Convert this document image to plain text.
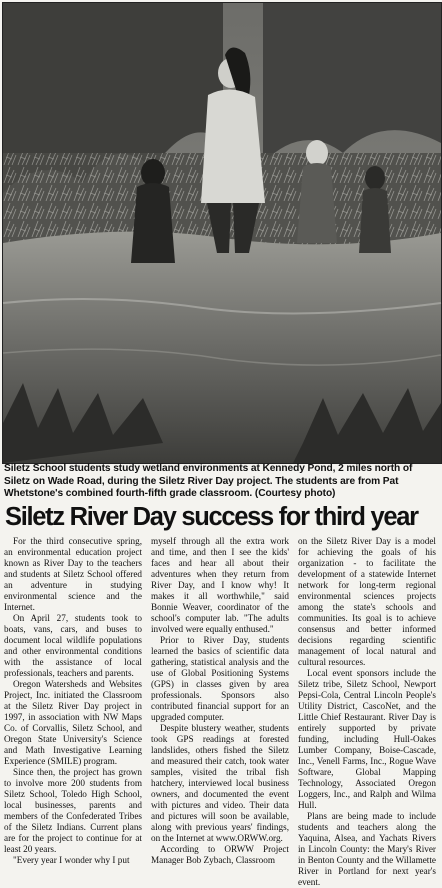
Siletz School students study wetland environments at Kennedy Pond, 2 miles north of Siletz on Wade Road, during the Siletz River Day project. The students are from Pat Whetstone's combined fourth-fifth grade classroom. (Courtesy photo)
Siletz River Day success for third year

For the third consecutive spring, an environmental education project known as River Day to the teachers and students at Siletz School offered an adventure in studying environmental science and the Internet.

On April 27, students took to boats, vans, cars, and buses to document local wildlife populations and other environmental conditions with the assistance of local professionals, teachers and parents.

Oregon Watersheds and Websites Project, Inc. initiated the Classroom at the Siletz River Day project in 1997, in association with NW Maps Co. of Corvallis, Siletz School, and Oregon State University's Science and Math Investigative Learning Experience (SMILE) program.

Since then, the project has grown to involve more 200 students from Siletz School, Toledo High School, local businesses, parents and members of the Confederated Tribes of the Siletz Indians. Current plans are for the project to continue for at least 20 years.

"Every year I wonder why I put

myself through all the extra work and time, and then I see the kids' faces and hear all about their adventures when they return from River Day, and I know why! It makes it all worthwhile," said Bonnie Weaver, coordinator of the school's computer lab. "The adults involved were equally enthused."

Prior to River Day, students learned the basics of scientific data gathering, statistical analysis and the use of Global Positioning Systems (GPS) in classes given by area professionals. Sponsors also contributed financial support for an upgraded computer.

Despite blustery weather, students took GPS readings at forested landslides, others fished the Siletz and measured their catch, took water samples, visited the tribal fish hatchery, interviewed local business owners, and documented the event with pictures and video. Their data and pictures will soon be available, along with previous years' findings, on the Internet at www.ORWW.org.

According to ORWW Project Manager Bob Zybach, Classroom

on the Siletz River Day is a model for achieving the goals of his organization - to facilitate the development of a statewide Internet network for long-term regional environmental sciences projects among the state's schools and communities. Its goal is to achieve consensus and better informed decisions regarding scientific management of local natural and cultural resources.

Local event sponsors include the Siletz tribe, Siletz School, Newport Pepsi-Cola, Central Lincoln People's Utility District, CascoNet, and the Little Chief Restaurant. River Day is entirely supported by private funding, including Hull-Oakes Lumber Company, Boise-Cascade, Inc., Venell Farms, Inc., Rogue Wave Software, Global Mapping Technology, Associated Oregon Loggers, Inc., and Ralph and Wilma Hull.

Plans are being made to include students and teachers along the Yaquina, Alsea, and Yachats Rivers in Lincoln County: the Mary's River in Benton County and the Willamette River in Portland for next year's event.
